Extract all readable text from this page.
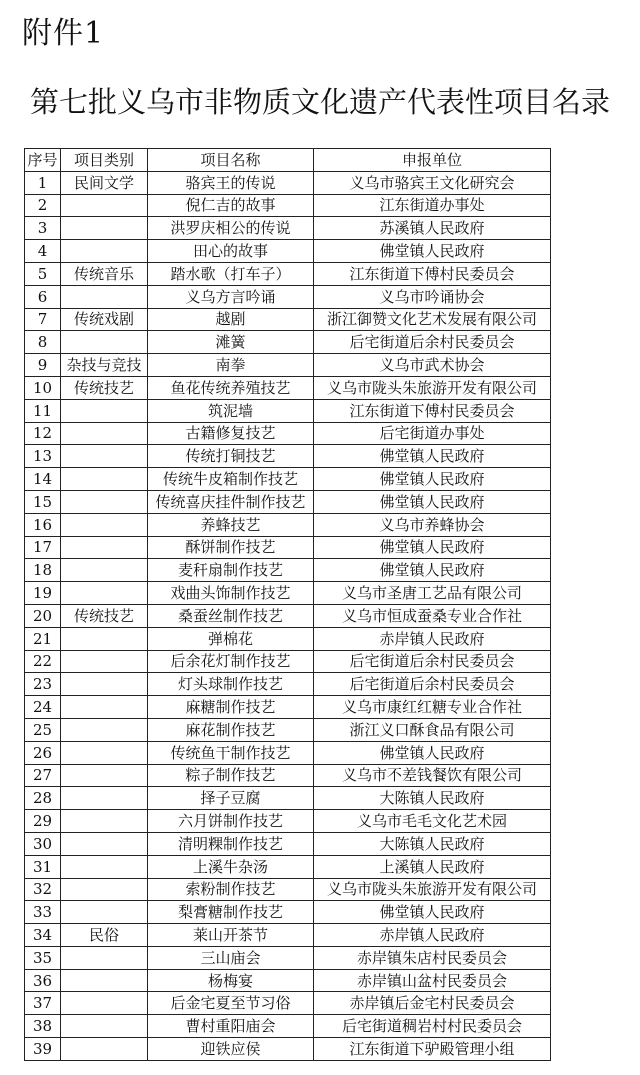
附件1
第七批义乌市非物质文化遗产代表性项目名录
序号	项目类别	项目名称	申报单位
1	民间文学	骆宾王的传说	义乌市骆宾王文化研究会
2		倪仁吉的故事	江东街道办事处
3		洪罗庆相公的传说	苏溪镇人民政府
4		田心的故事	佛堂镇人民政府
5	传统音乐	踏水歌（打车子）	江东街道下傅村民委员会
6		义乌方言吟诵	义乌市吟诵协会
7	传统戏剧	越剧	浙江御赞文化艺术发展有限公司
8		滩簧	后宅街道后余村民委员会
9	杂技与竞技	南拳	义乌市武术协会
10	传统技艺	鱼花传统养殖技艺	义乌市陇头朱旅游开发有限公司
11		筑泥墙	江东街道下傅村民委员会
12		古籍修复技艺	后宅街道办事处
13		传统打铜技艺	佛堂镇人民政府
14		传统牛皮箱制作技艺	佛堂镇人民政府
15		传统喜庆挂件制作技艺	佛堂镇人民政府
16		养蜂技艺	义乌市养蜂协会
17		酥饼制作技艺	佛堂镇人民政府
18		麦秆扇制作技艺	佛堂镇人民政府
19		戏曲头饰制作技艺	义乌市圣唐工艺品有限公司
20	传统技艺	桑蚕丝制作技艺	义乌市恒成蚕桑专业合作社
21		弹棉花	赤岸镇人民政府
22		后余花灯制作技艺	后宅街道后余村民委员会
23		灯头球制作技艺	后宅街道后余村民委员会
24		麻糖制作技艺	义乌市康红红糖专业合作社
25		麻花制作技艺	浙江义口酥食品有限公司
26		传统鱼干制作技艺	佛堂镇人民政府
27		粽子制作技艺	义乌市不差钱餐饮有限公司
28		择子豆腐	大陈镇人民政府
29		六月饼制作技艺	义乌市毛毛文化艺术园
30		清明粿制作技艺	大陈镇人民政府
31		上溪牛杂汤	上溪镇人民政府
32		索粉制作技艺	义乌市陇头朱旅游开发有限公司
33		梨膏糖制作技艺	佛堂镇人民政府
34	民俗	莱山开茶节	赤岸镇人民政府
35		三山庙会	赤岸镇朱店村民委员会
36		杨梅宴	赤岸镇山盆村民委员会
37		后金宅夏至节习俗	赤岸镇后金宅村民委员会
38		曹村重阳庙会	后宅街道稠岩村村民委员会
39		迎铁应侯	江东街道下驴殿管理小组
